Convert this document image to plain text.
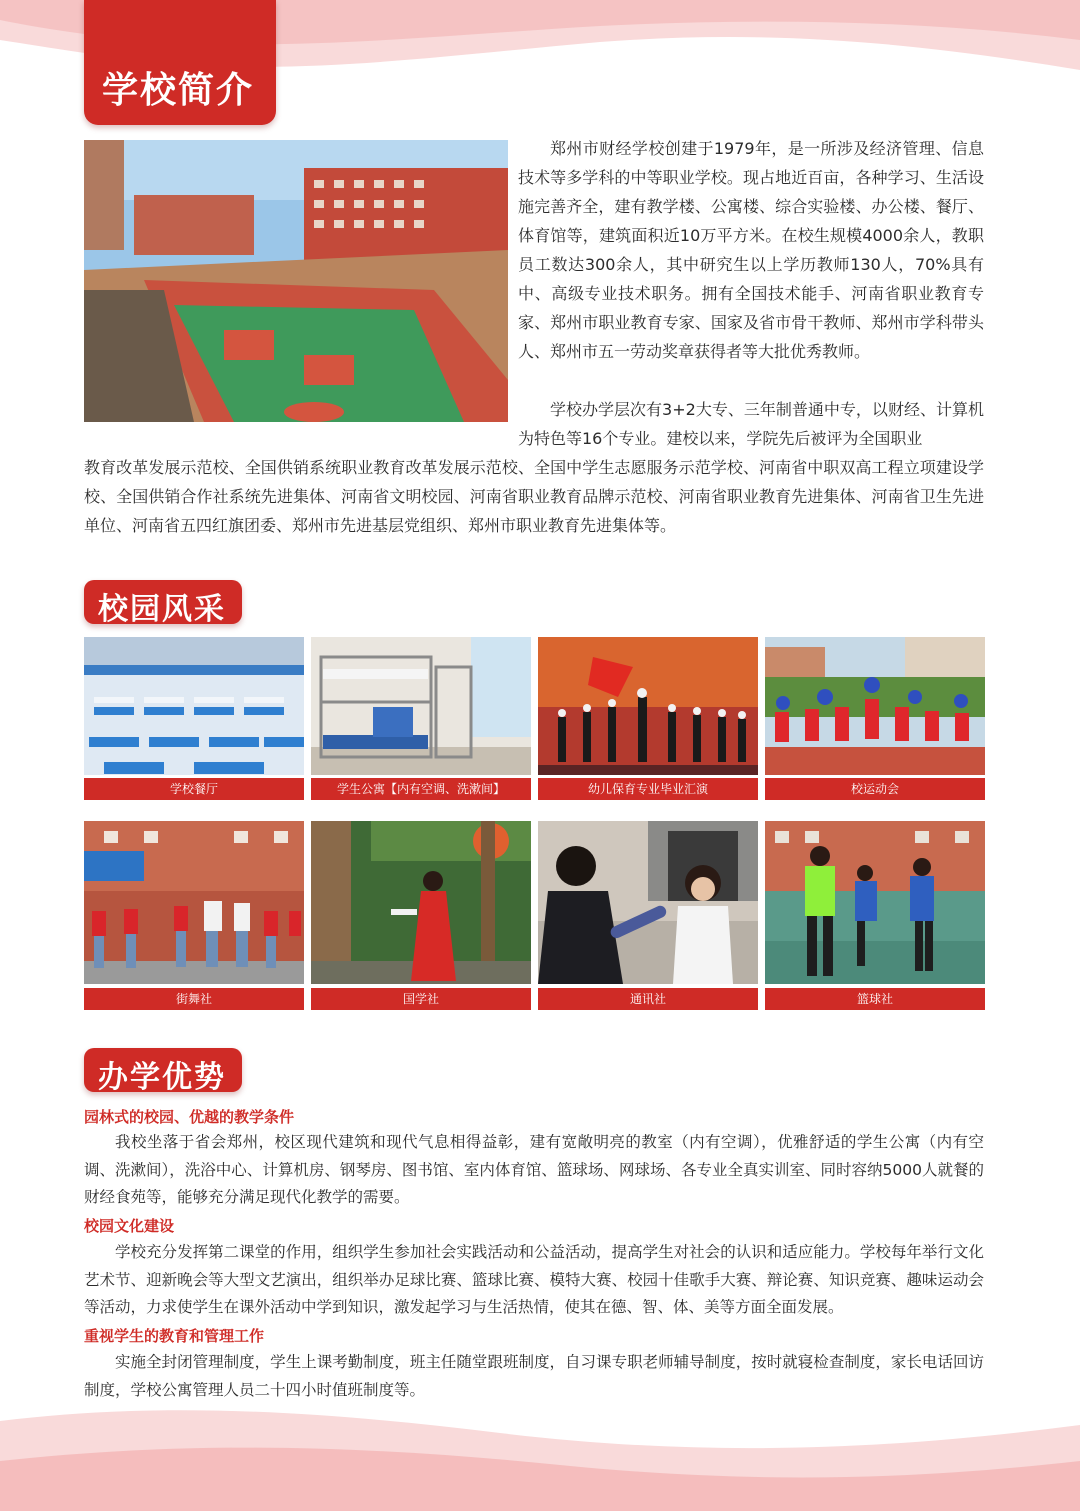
学校简介
郑州市财经学校创建于1979年，是一所涉及经济管理、信息技术等多学科的中等职业学校。现占地近百亩，各种学习、生活设施完善齐全，建有教学楼、公寓楼、综合实验楼、办公楼、餐厅、体育馆等，建筑面积近10万平方米。在校生规模4000余人，教职员工数达300余人，其中研究生以上学历教师130人，70%具有中、高级专业技术职务。拥有全国技术能手、河南省职业教育专家、郑州市职业教育专家、国家及省市骨干教师、郑州市学科带头人、郑州市五一劳动奖章获得者等大批优秀教师。
学校办学层次有3+2大专、三年制普通中专，以财经、计算机为特色等16个专业。建校以来，学院先后被评为全国职业
教育改革发展示范校、全国供销系统职业教育改革发展示范校、全国中学生志愿服务示范学校、河南省中职双高工程立项建设学校、全国供销合作社系统先进集体、河南省文明校园、河南省职业教育品牌示范校、河南省职业教育先进集体、河南省卫生先进单位、河南省五四红旗团委、郑州市先进基层党组织、郑州市职业教育先进集体等。
校园风采
学校餐厅	学生公寓【内有空调、洗漱间】	幼儿保育专业毕业汇演	校运动会
街舞社	国学社	通讯社	篮球社
办学优势
园林式的校园、优越的教学条件
我校坐落于省会郑州，校区现代建筑和现代气息相得益彰，建有宽敞明亮的教室（内有空调），优雅舒适的学生公寓（内有空调、洗漱间），洗浴中心、计算机房、钢琴房、图书馆、室内体育馆、篮球场、网球场、各专业全真实训室、同时容纳5000人就餐的财经食苑等，能够充分满足现代化教学的需要。
校园文化建设
学校充分发挥第二课堂的作用，组织学生参加社会实践活动和公益活动，提高学生对社会的认识和适应能力。学校每年举行文化艺术节、迎新晚会等大型文艺演出，组织举办足球比赛、篮球比赛、模特大赛、校园十佳歌手大赛、辩论赛、知识竞赛、趣味运动会等活动，力求使学生在课外活动中学到知识，激发起学习与生活热情，使其在德、智、体、美等方面全面发展。
重视学生的教育和管理工作
实施全封闭管理制度，学生上课考勤制度，班主任随堂跟班制度，自习课专职老师辅导制度，按时就寝检查制度，家长电话回访制度，学校公寓管理人员二十四小时值班制度等。
